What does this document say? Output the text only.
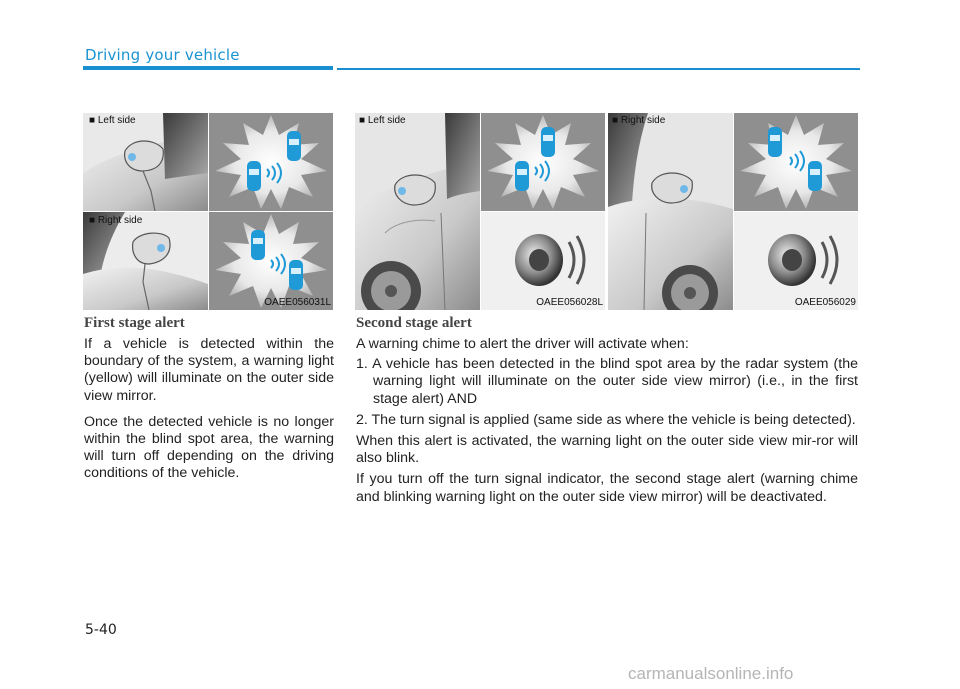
Driving your vehicle
■ Left side
■ Right side
OAEE056031L
■ Left side
OAEE056028L
■ Right side
OAEE056029
First stage alert

If a vehicle is detected within the boundary of the system, a warning light (yellow) will illuminate on the outer side view mirror.

Once the detected vehicle is no longer within the blind spot area, the warning will turn off depending on the driving conditions of the vehicle.

Second stage alert

A warning chime to alert the driver will activate when:

1. A vehicle has been detected in the blind spot area by the radar system (the warning light will illuminate on the outer side view mirror) (i.e., in the first stage alert) AND

2. The turn signal is applied (same side as where the vehicle is being detected).

When this alert is activated, the warning light on the outer side view mir-ror will also blink.

If you turn off the turn signal indicator, the second stage alert (warning chime and blinking warning light on the outer side view mirror) will be deactivated.

5-40
carmanualsonline.info
